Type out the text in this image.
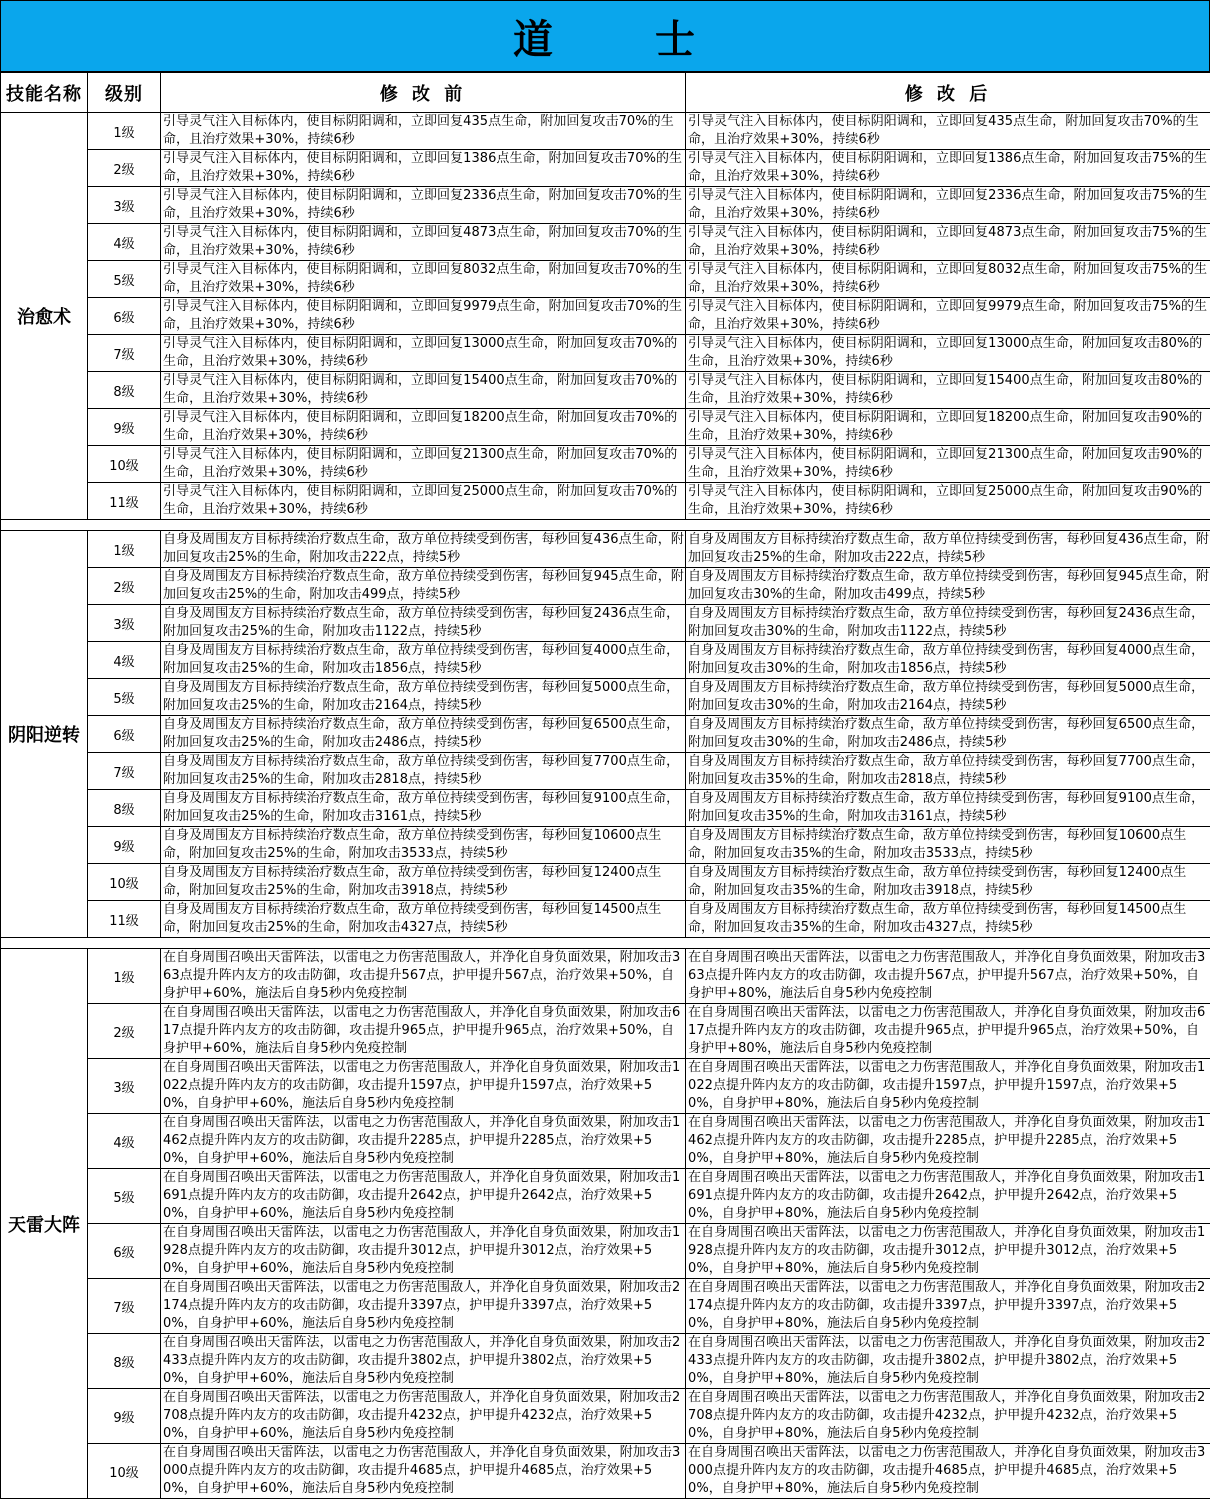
道	士
技能名称	级别	修 改 前	修 改 后
治愈术	1级	引导灵气注入目标体内，使目标阴阳调和，立即回复435点生命，附加回复攻击70%的生命，且治疗效果+30%，持续6秒	引导灵气注入目标体内，使目标阴阳调和，立即回复435点生命，附加回复攻击70%的生命，且治疗效果+30%，持续6秒
	2级	引导灵气注入目标体内，使目标阴阳调和，立即回复1386点生命，附加回复攻击70%的生命，且治疗效果+30%，持续6秒	引导灵气注入目标体内，使目标阴阳调和，立即回复1386点生命，附加回复攻击75%的生命，且治疗效果+30%，持续6秒
	3级	引导灵气注入目标体内，使目标阴阳调和，立即回复2336点生命，附加回复攻击70%的生命，且治疗效果+30%，持续6秒	引导灵气注入目标体内，使目标阴阳调和，立即回复2336点生命，附加回复攻击75%的生命，且治疗效果+30%，持续6秒
	4级	引导灵气注入目标体内，使目标阴阳调和，立即回复4873点生命，附加回复攻击70%的生命，且治疗效果+30%，持续6秒	引导灵气注入目标体内，使目标阴阳调和，立即回复4873点生命，附加回复攻击75%的生命，且治疗效果+30%，持续6秒
	5级	引导灵气注入目标体内，使目标阴阳调和，立即回复8032点生命，附加回复攻击70%的生命，且治疗效果+30%，持续6秒	引导灵气注入目标体内，使目标阴阳调和，立即回复8032点生命，附加回复攻击75%的生命，且治疗效果+30%，持续6秒
	6级	引导灵气注入目标体内，使目标阴阳调和，立即回复9979点生命，附加回复攻击70%的生命，且治疗效果+30%，持续6秒	引导灵气注入目标体内，使目标阴阳调和，立即回复9979点生命，附加回复攻击75%的生命，且治疗效果+30%，持续6秒
	7级	引导灵气注入目标体内，使目标阴阳调和，立即回复13000点生命，附加回复攻击70%的生命，且治疗效果+30%，持续6秒	引导灵气注入目标体内，使目标阴阳调和，立即回复13000点生命，附加回复攻击80%的生命，且治疗效果+30%，持续6秒
	8级	引导灵气注入目标体内，使目标阴阳调和，立即回复15400点生命，附加回复攻击70%的生命，且治疗效果+30%，持续6秒	引导灵气注入目标体内，使目标阴阳调和，立即回复15400点生命，附加回复攻击80%的生命，且治疗效果+30%，持续6秒
	9级	引导灵气注入目标体内，使目标阴阳调和，立即回复18200点生命，附加回复攻击70%的生命，且治疗效果+30%，持续6秒	引导灵气注入目标体内，使目标阴阳调和，立即回复18200点生命，附加回复攻击90%的生命，且治疗效果+30%，持续6秒
	10级	引导灵气注入目标体内，使目标阴阳调和，立即回复21300点生命，附加回复攻击70%的生命，且治疗效果+30%，持续6秒	引导灵气注入目标体内，使目标阴阳调和，立即回复21300点生命，附加回复攻击90%的生命，且治疗效果+30%，持续6秒
	11级	引导灵气注入目标体内，使目标阴阳调和，立即回复25000点生命，附加回复攻击70%的生命，且治疗效果+30%，持续6秒	引导灵气注入目标体内，使目标阴阳调和，立即回复25000点生命，附加回复攻击90%的生命，且治疗效果+30%，持续6秒

阴阳逆转	1级	自身及周围友方目标持续治疗数点生命，敌方单位持续受到伤害，每秒回复436点生命，附加回复攻击25%的生命，附加攻击222点，持续5秒	自身及周围友方目标持续治疗数点生命，敌方单位持续受到伤害，每秒回复436点生命，附加回复攻击25%的生命，附加攻击222点，持续5秒
	2级	自身及周围友方目标持续治疗数点生命，敌方单位持续受到伤害，每秒回复945点生命，附加回复攻击25%的生命，附加攻击499点，持续5秒	自身及周围友方目标持续治疗数点生命，敌方单位持续受到伤害，每秒回复945点生命，附加回复攻击30%的生命，附加攻击499点，持续5秒
	3级	自身及周围友方目标持续治疗数点生命，敌方单位持续受到伤害，每秒回复2436点生命，附加回复攻击25%的生命，附加攻击1122点，持续5秒	自身及周围友方目标持续治疗数点生命，敌方单位持续受到伤害，每秒回复2436点生命，附加回复攻击30%的生命，附加攻击1122点，持续5秒
	4级	自身及周围友方目标持续治疗数点生命，敌方单位持续受到伤害，每秒回复4000点生命，附加回复攻击25%的生命，附加攻击1856点，持续5秒	自身及周围友方目标持续治疗数点生命，敌方单位持续受到伤害，每秒回复4000点生命，附加回复攻击30%的生命，附加攻击1856点，持续5秒
	5级	自身及周围友方目标持续治疗数点生命，敌方单位持续受到伤害，每秒回复5000点生命，附加回复攻击25%的生命，附加攻击2164点，持续5秒	自身及周围友方目标持续治疗数点生命，敌方单位持续受到伤害，每秒回复5000点生命，附加回复攻击30%的生命，附加攻击2164点，持续5秒
	6级	自身及周围友方目标持续治疗数点生命，敌方单位持续受到伤害，每秒回复6500点生命，附加回复攻击25%的生命，附加攻击2486点，持续5秒	自身及周围友方目标持续治疗数点生命，敌方单位持续受到伤害，每秒回复6500点生命，附加回复攻击30%的生命，附加攻击2486点，持续5秒
	7级	自身及周围友方目标持续治疗数点生命，敌方单位持续受到伤害，每秒回复7700点生命，附加回复攻击25%的生命，附加攻击2818点，持续5秒	自身及周围友方目标持续治疗数点生命，敌方单位持续受到伤害，每秒回复7700点生命，附加回复攻击35%的生命，附加攻击2818点，持续5秒
	8级	自身及周围友方目标持续治疗数点生命，敌方单位持续受到伤害，每秒回复9100点生命，附加回复攻击25%的生命，附加攻击3161点，持续5秒	自身及周围友方目标持续治疗数点生命，敌方单位持续受到伤害，每秒回复9100点生命，附加回复攻击35%的生命，附加攻击3161点，持续5秒
	9级	自身及周围友方目标持续治疗数点生命，敌方单位持续受到伤害，每秒回复10600点生命，附加回复攻击25%的生命，附加攻击3533点，持续5秒	自身及周围友方目标持续治疗数点生命，敌方单位持续受到伤害，每秒回复10600点生命，附加回复攻击35%的生命，附加攻击3533点，持续5秒
	10级	自身及周围友方目标持续治疗数点生命，敌方单位持续受到伤害，每秒回复12400点生命，附加回复攻击25%的生命，附加攻击3918点，持续5秒	自身及周围友方目标持续治疗数点生命，敌方单位持续受到伤害，每秒回复12400点生命，附加回复攻击35%的生命，附加攻击3918点，持续5秒
	11级	自身及周围友方目标持续治疗数点生命，敌方单位持续受到伤害，每秒回复14500点生命，附加回复攻击25%的生命，附加攻击4327点，持续5秒	自身及周围友方目标持续治疗数点生命，敌方单位持续受到伤害，每秒回复14500点生命，附加回复攻击35%的生命，附加攻击4327点，持续5秒

天雷大阵	1级	在自身周围召唤出天雷阵法，以雷电之力伤害范围敌人，并净化自身负面效果，附加攻击363点提升阵内友方的攻击防御，攻击提升567点，护甲提升567点，治疗效果+50%，自身护甲+60%，施法后自身5秒内免疫控制	在自身周围召唤出天雷阵法，以雷电之力伤害范围敌人，并净化自身负面效果，附加攻击363点提升阵内友方的攻击防御，攻击提升567点，护甲提升567点，治疗效果+50%，自身护甲+80%，施法后自身5秒内免疫控制
	2级	在自身周围召唤出天雷阵法，以雷电之力伤害范围敌人，并净化自身负面效果，附加攻击617点提升阵内友方的攻击防御，攻击提升965点，护甲提升965点，治疗效果+50%，自身护甲+60%，施法后自身5秒内免疫控制	在自身周围召唤出天雷阵法，以雷电之力伤害范围敌人，并净化自身负面效果，附加攻击617点提升阵内友方的攻击防御，攻击提升965点，护甲提升965点，治疗效果+50%，自身护甲+80%，施法后自身5秒内免疫控制
	3级	在自身周围召唤出天雷阵法，以雷电之力伤害范围敌人，并净化自身负面效果，附加攻击1022点提升阵内友方的攻击防御，攻击提升1597点，护甲提升1597点，治疗效果+50%，自身护甲+60%，施法后自身5秒内免疫控制	在自身周围召唤出天雷阵法，以雷电之力伤害范围敌人，并净化自身负面效果，附加攻击1022点提升阵内友方的攻击防御，攻击提升1597点，护甲提升1597点，治疗效果+50%，自身护甲+80%，施法后自身5秒内免疫控制
	4级	在自身周围召唤出天雷阵法，以雷电之力伤害范围敌人，并净化自身负面效果，附加攻击1462点提升阵内友方的攻击防御，攻击提升2285点，护甲提升2285点，治疗效果+50%，自身护甲+60%，施法后自身5秒内免疫控制	在自身周围召唤出天雷阵法，以雷电之力伤害范围敌人，并净化自身负面效果，附加攻击1462点提升阵内友方的攻击防御，攻击提升2285点，护甲提升2285点，治疗效果+50%，自身护甲+80%，施法后自身5秒内免疫控制
	5级	在自身周围召唤出天雷阵法，以雷电之力伤害范围敌人，并净化自身负面效果，附加攻击1691点提升阵内友方的攻击防御，攻击提升2642点，护甲提升2642点，治疗效果+50%，自身护甲+60%，施法后自身5秒内免疫控制	在自身周围召唤出天雷阵法，以雷电之力伤害范围敌人，并净化自身负面效果，附加攻击1691点提升阵内友方的攻击防御，攻击提升2642点，护甲提升2642点，治疗效果+50%，自身护甲+80%，施法后自身5秒内免疫控制
	6级	在自身周围召唤出天雷阵法，以雷电之力伤害范围敌人，并净化自身负面效果，附加攻击1928点提升阵内友方的攻击防御，攻击提升3012点，护甲提升3012点，治疗效果+50%，自身护甲+60%，施法后自身5秒内免疫控制	在自身周围召唤出天雷阵法，以雷电之力伤害范围敌人，并净化自身负面效果，附加攻击1928点提升阵内友方的攻击防御，攻击提升3012点，护甲提升3012点，治疗效果+50%，自身护甲+80%，施法后自身5秒内免疫控制
	7级	在自身周围召唤出天雷阵法，以雷电之力伤害范围敌人，并净化自身负面效果，附加攻击2174点提升阵内友方的攻击防御，攻击提升3397点，护甲提升3397点，治疗效果+50%，自身护甲+60%，施法后自身5秒内免疫控制	在自身周围召唤出天雷阵法，以雷电之力伤害范围敌人，并净化自身负面效果，附加攻击2174点提升阵内友方的攻击防御，攻击提升3397点，护甲提升3397点，治疗效果+50%，自身护甲+80%，施法后自身5秒内免疫控制
	8级	在自身周围召唤出天雷阵法，以雷电之力伤害范围敌人，并净化自身负面效果，附加攻击2433点提升阵内友方的攻击防御，攻击提升3802点，护甲提升3802点，治疗效果+50%，自身护甲+60%，施法后自身5秒内免疫控制	在自身周围召唤出天雷阵法，以雷电之力伤害范围敌人，并净化自身负面效果，附加攻击2433点提升阵内友方的攻击防御，攻击提升3802点，护甲提升3802点，治疗效果+50%，自身护甲+80%，施法后自身5秒内免疫控制
	9级	在自身周围召唤出天雷阵法，以雷电之力伤害范围敌人，并净化自身负面效果，附加攻击2708点提升阵内友方的攻击防御，攻击提升4232点，护甲提升4232点，治疗效果+50%，自身护甲+60%，施法后自身5秒内免疫控制	在自身周围召唤出天雷阵法，以雷电之力伤害范围敌人，并净化自身负面效果，附加攻击2708点提升阵内友方的攻击防御，攻击提升4232点，护甲提升4232点，治疗效果+50%，自身护甲+80%，施法后自身5秒内免疫控制
	10级	在自身周围召唤出天雷阵法，以雷电之力伤害范围敌人，并净化自身负面效果，附加攻击3000点提升阵内友方的攻击防御，攻击提升4685点，护甲提升4685点，治疗效果+50%，自身护甲+60%，施法后自身5秒内免疫控制	在自身周围召唤出天雷阵法，以雷电之力伤害范围敌人，并净化自身负面效果，附加攻击3000点提升阵内友方的攻击防御，攻击提升4685点，护甲提升4685点，治疗效果+50%，自身护甲+80%，施法后自身5秒内免疫控制
